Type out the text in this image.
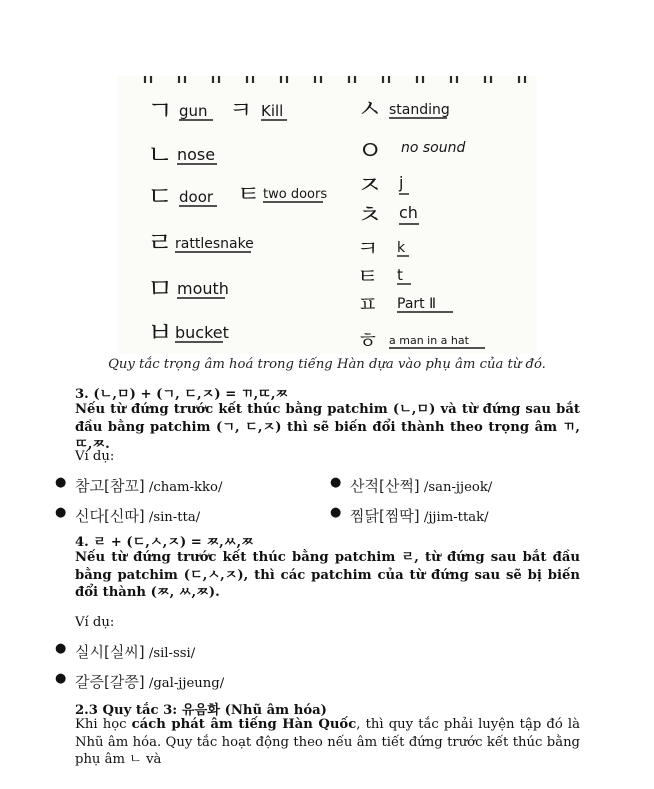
ㄱ gun ㅋ Kill
ㄴ nose
ㄷ door ㅌ two doors
ㄹ rattlesnake
ㅁ mouth
ㅂ bucket
ㅅ standing
ㅇ no sound
ㅈ j
ㅊ ch
ㅋ k
ㅌ t
ㅍ Part Ⅱ
ㅎ a man in a hat
Quy tắc trọng âm hoá trong tiếng Hàn dựa vào phụ âm của từ đó.
3. (ㄴ,ㅁ) + (ㄱ, ㄷ,ㅈ) = ㄲ,ㄸ,ㅉ
Nếu từ đứng trước kết thúc bằng patchim (ㄴ,ㅁ) và từ đứng sau bắt đầu bằng patchim (ㄱ, ㄷ,ㅈ) thì sẽ biến đổi thành theo trọng âm ㄲ,ㄸ,ㅉ.
Ví dụ:
● 참고[참꼬] /cham-kko/	● 산적[산쩍] /san-jjeok/
● 신다[신따] /sin-tta/	● 찜닭[찜딱] /jjim-ttak/
4. ㄹ + (ㄷ,ㅅ,ㅈ) = ㅉ,ㅆ,ㅉ
Nếu từ đứng trước kết thúc bằng patchim ㄹ, từ đứng sau bắt đầu bằng patchim (ㄷ,ㅅ,ㅈ), thì các patchim của từ đứng sau sẽ bị biến đổi thành (ㅉ, ㅆ,ㅉ).
Ví dụ:
● 실시[실씨] /sil-ssi/
● 갈증[갈쯩] /gal-jjeung/
2.3 Quy tắc 3: 유음화 (Nhũ âm hóa)
Khi học cách phát âm tiếng Hàn Quốc, thì quy tắc phải luyện tập đó là Nhũ âm hóa. Quy tắc hoạt động theo nếu âm tiết đứng trước kết thúc bằng phụ âm ㄴ và
